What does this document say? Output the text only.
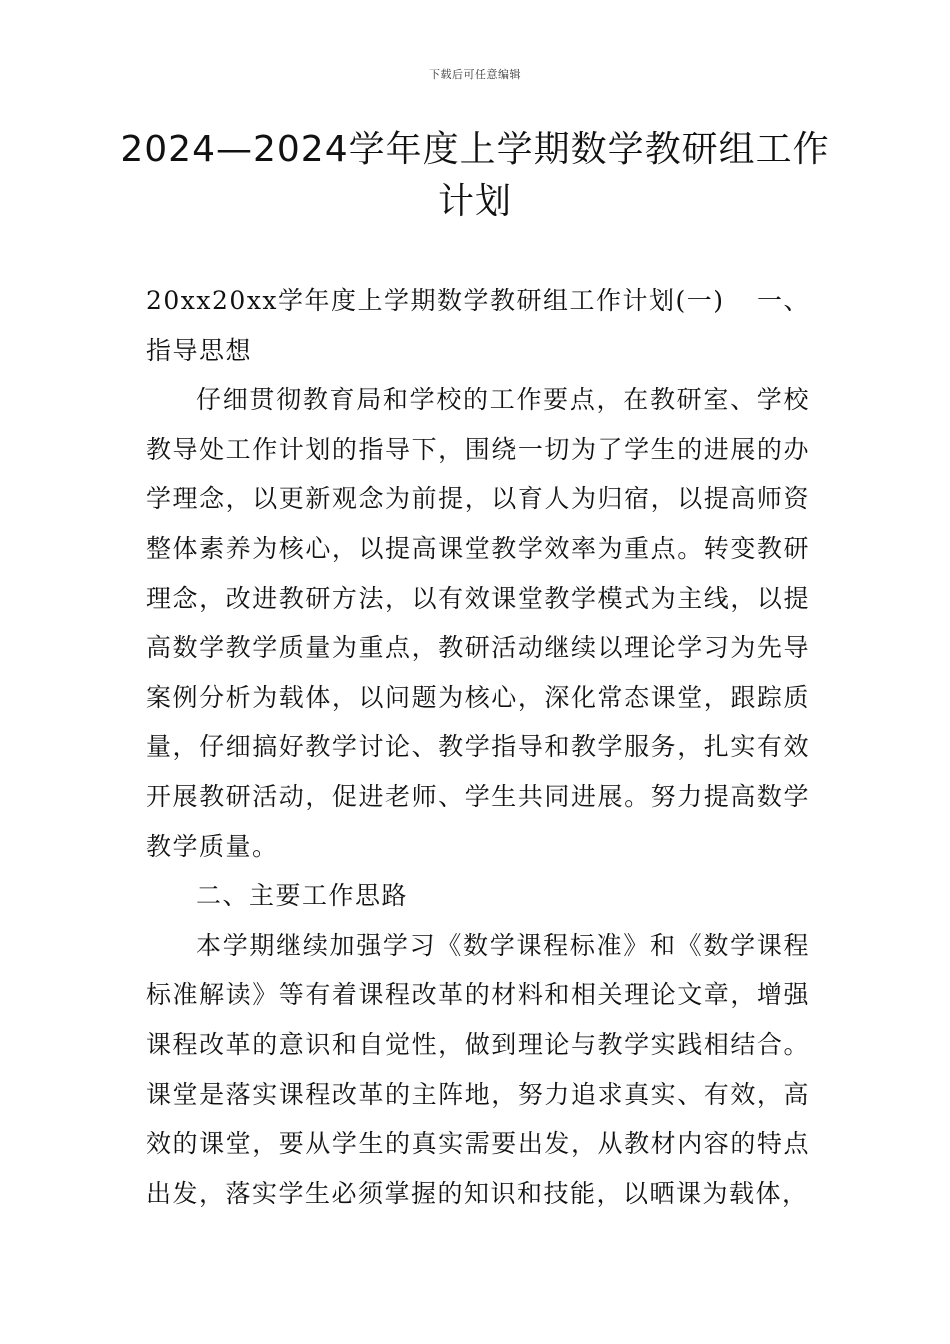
下载后可任意编辑
2024—2024学年度上学期数学教研组工作计划
20xx20xx学年度上学期数学教研组工作计划(一) 一、

指导思想

仔细贯彻教育局和学校的工作要点，在教研室、学校教导处工作计划的指导下，围绕一切为了学生的进展的办学理念，以更新观念为前提，以育人为归宿，以提高师资整体素养为核心，以提高课堂教学效率为重点。转变教研理念，改进教研方法，以有效课堂教学模式为主线，以提高数学教学质量为重点，教研活动继续以理论学习为先导案例分析为载体，以问题为核心，深化常态课堂，跟踪质量，仔细搞好教学讨论、教学指导和教学服务，扎实有效开展教研活动，促进老师、学生共同进展。努力提高数学教学质量。

二、主要工作思路

本学期继续加强学习《数学课程标准》和《数学课程标准解读》等有着课程改革的材料和相关理论文章，增强课程改革的意识和自觉性，做到理论与教学实践相结合。课堂是落实课程改革的主阵地，努力追求真实、有效，高效的课堂，要从学生的真实需要出发，从教材内容的特点出发，落实学生必须掌握的知识和技能，以晒课为载体，
